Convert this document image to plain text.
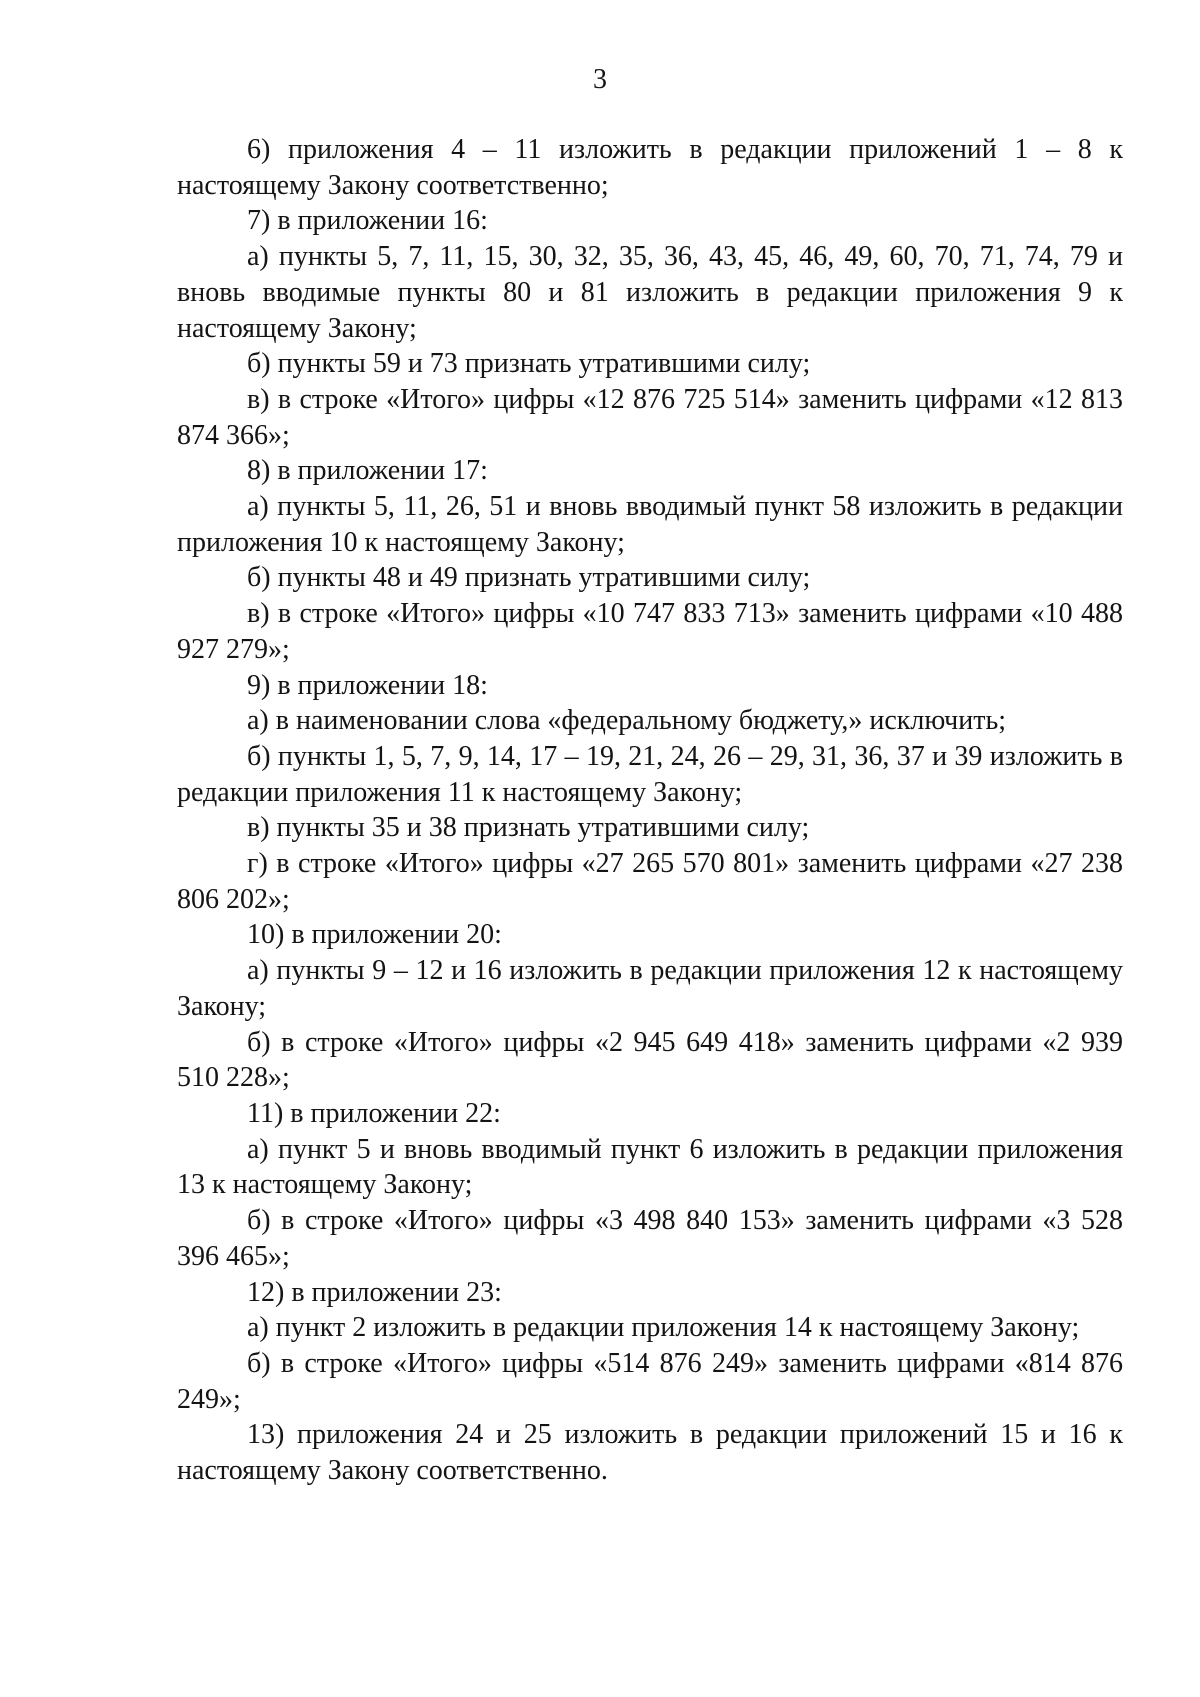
3

6) приложения 4 – 11 изложить в редакции приложений 1 – 8 к настоящему Закону соответственно;

7) в приложении 16:

а) пункты 5, 7, 11, 15, 30, 32, 35, 36, 43, 45, 46, 49, 60, 70, 71, 74, 79 и вновь вводимые пункты 80 и 81 изложить в редакции приложения 9 к настоящему Закону;

б) пункты 59 и 73 признать утратившими силу;

в) в строке «Итого» цифры «12 876 725 514» заменить цифрами «12 813 874 366»;

8) в приложении 17:

а) пункты 5, 11, 26, 51 и вновь вводимый пункт 58 изложить в редакции приложения 10 к настоящему Закону;

б) пункты 48 и 49 признать утратившими силу;

в) в строке «Итого» цифры «10 747 833 713» заменить цифрами «10 488 927 279»;

9) в приложении 18:

а) в наименовании слова «федеральному бюджету,» исключить;

б) пункты 1, 5, 7, 9, 14, 17 – 19, 21, 24, 26 – 29, 31, 36, 37 и 39 изложить в редакции приложения 11 к настоящему Закону;

в) пункты 35 и 38 признать утратившими силу;

г) в строке «Итого» цифры «27 265 570 801» заменить цифрами «27 238 806 202»;

10) в приложении 20:

а) пункты 9 – 12 и 16 изложить в редакции приложения 12 к настоящему Закону;

б) в строке «Итого» цифры «2 945 649 418» заменить цифрами «2 939 510 228»;

11) в приложении 22:

а) пункт 5 и вновь вводимый пункт 6 изложить в редакции приложения 13 к настоящему Закону;

б) в строке «Итого» цифры «3 498 840 153» заменить цифрами «3 528 396 465»;

12) в приложении 23:

а) пункт 2 изложить в редакции приложения 14 к настоящему Закону;

б) в строке «Итого» цифры «514 876 249» заменить цифрами «814 876 249»;

13) приложения 24 и 25 изложить в редакции приложений 15 и 16 к настоящему Закону соответственно.
